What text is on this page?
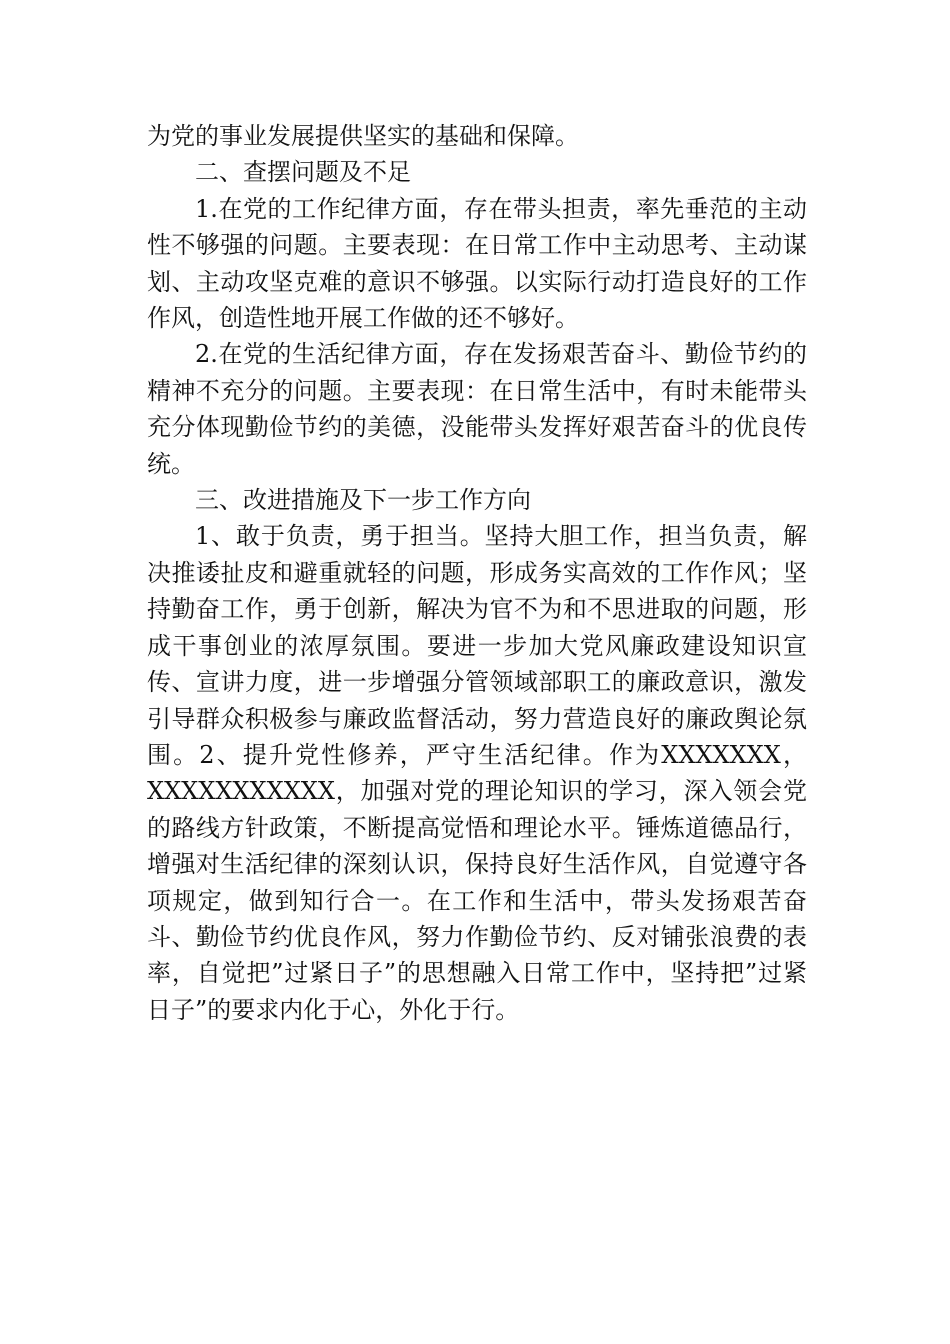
为党的事业发展提供坚实的基础和保障。

二、查摆问题及不足

1.在党的工作纪律方面，存在带头担责，率先垂范的主动性不够强的问题。主要表现：在日常工作中主动思考、主动谋划、主动攻坚克难的意识不够强。以实际行动打造良好的工作作风，创造性地开展工作做的还不够好。

2.在党的生活纪律方面，存在发扬艰苦奋斗、勤俭节约的精神不充分的问题。主要表现：在日常生活中，有时未能带头充分体现勤俭节约的美德，没能带头发挥好艰苦奋斗的优良传统。

三、改进措施及下一步工作方向

1、敢于负责，勇于担当。坚持大胆工作，担当负责，解决推诿扯皮和避重就轻的问题，形成务实高效的工作作风；坚持勤奋工作，勇于创新，解决为官不为和不思进取的问题，形成干事创业的浓厚氛围。要进一步加大党风廉政建设知识宣传、宣讲力度，进一步增强分管领域部职工的廉政意识，激发引导群众积极参与廉政监督活动，努力营造良好的廉政舆论氛围。2、提升党性修养，严守生活纪律。作为XXXXXXX，XXXXXXXXXXX，加强对党的理论知识的学习，深入领会党的路线方针政策，不断提高觉悟和理论水平。锤炼道德品行，增强对生活纪律的深刻认识，保持良好生活作风，自觉遵守各项规定，做到知行合一。在工作和生活中，带头发扬艰苦奋斗、勤俭节约优良作风，努力作勤俭节约、反对铺张浪费的表率，自觉把”过紧日子”的思想融入日常工作中，坚持把”过紧日子”的要求内化于心，外化于行。
